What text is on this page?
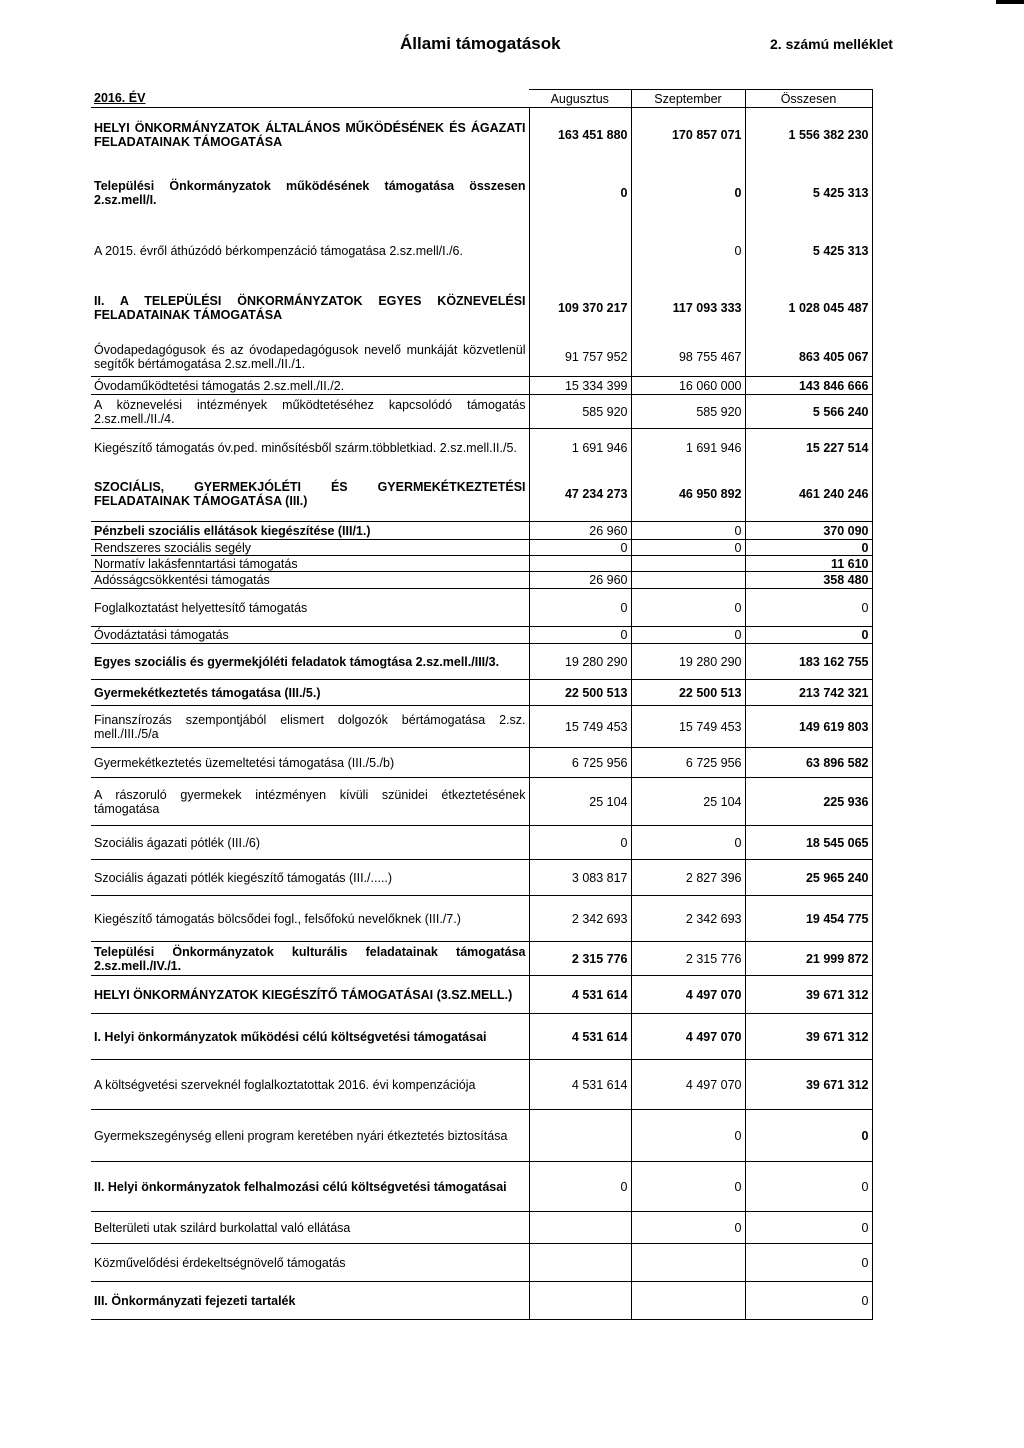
Állami támogatások	2. számú melléklet
2016. ÉV	Augusztus	Szeptember	Összesen
HELYI ÖNKORMÁNYZATOK ÁLTALÁNOS MŰKÖDÉSÉNEK ÉS ÁGAZATI FELADATAINAK TÁMOGATÁSA	163 451 880	170 857 071	1 556 382 230
Települési Önkormányzatok működésének támogatása összesen 2.sz.mell/I.	0	0	5 425 313
A 2015. évről áthúzódó bérkompenzáció támogatása 2.sz.mell/I./6.		0	5 425 313
II. A TELEPÜLÉSI ÖNKORMÁNYZATOK EGYES KÖZNEVELÉSI FELADATAINAK TÁMOGATÁSA	109 370 217	117 093 333	1 028 045 487
Óvodapedagógusok és az óvodapedagógusok nevelő munkáját közvetlenül segítők bértámogatása 2.sz.mell./II./1.	91 757 952	98 755 467	863 405 067
Óvodaműködtetési támogatás 2.sz.mell./II./2.	15 334 399	16 060 000	143 846 666
A köznevelési intézmények működtetéséhez kapcsolódó támogatás 2.sz.mell./II./4.	585 920	585 920	5 566 240
Kiegészítő támogatás óv.ped. minősítésből szárm.többletkiad. 2.sz.mell.II./5.	1 691 946	1 691 946	15 227 514
SZOCIÁLIS, GYERMEKJÓLÉTI ÉS GYERMEKÉTKEZTETÉSI FELADATAINAK TÁMOGATÁSA (III.)	47 234 273	46 950 892	461 240 246
Pénzbeli szociális ellátások kiegészítése (III/1.)	26 960	0	370 090
Rendszeres szociális segély	0	0	0
Normatív lakásfenntartási támogatás			11 610
Adósságcsökkentési támogatás	26 960		358 480
Foglalkoztatást helyettesítő támogatás	0	0	0
Óvodáztatási támogatás	0	0	0
Egyes szociális és gyermekjóléti feladatok támogtása 2.sz.mell./III/3.	19 280 290	19 280 290	183 162 755
Gyermekétkeztetés támogatása (III./5.)	22 500 513	22 500 513	213 742 321
Finanszírozás szempontjából elismert dolgozók bértámogatása 2.sz. mell./III./5/a	15 749 453	15 749 453	149 619 803
Gyermekétkeztetés üzemeltetési támogatása (III./5./b)	6 725 956	6 725 956	63 896 582
A rászoruló gyermekek intézményen kívüli szünidei étkeztetésének támogatása	25 104	25 104	225 936
Szociális ágazati pótlék (III./6)	0	0	18 545 065
Szociális ágazati pótlék kiegészítő támogatás (III./.....)	3 083 817	2 827 396	25 965 240
Kiegészítő támogatás bölcsődei fogl., felsőfokú nevelőknek (III./7.)	2 342 693	2 342 693	19 454 775
Települési Önkormányzatok kulturális feladatainak támogatása 2.sz.mell./IV./1.	2 315 776	2 315 776	21 999 872
HELYI ÖNKORMÁNYZATOK KIEGÉSZÍTŐ TÁMOGATÁSAI (3.SZ.MELL.)	4 531 614	4 497 070	39 671 312
I. Helyi önkormányzatok működési célú költségvetési támogatásai	4 531 614	4 497 070	39 671 312
A költségvetési szerveknél foglalkoztatottak 2016. évi kompenzációja	4 531 614	4 497 070	39 671 312
Gyermekszegénység elleni program keretében nyári étkeztetés biztosítása		0	0
II. Helyi önkormányzatok felhalmozási célú költségvetési támogatásai	0	0	0
Belterületi utak szilárd burkolattal való ellátása		0	0
Közművelődési érdekeltségnövelő támogatás			0
III. Önkormányzati fejezeti tartalék			0
